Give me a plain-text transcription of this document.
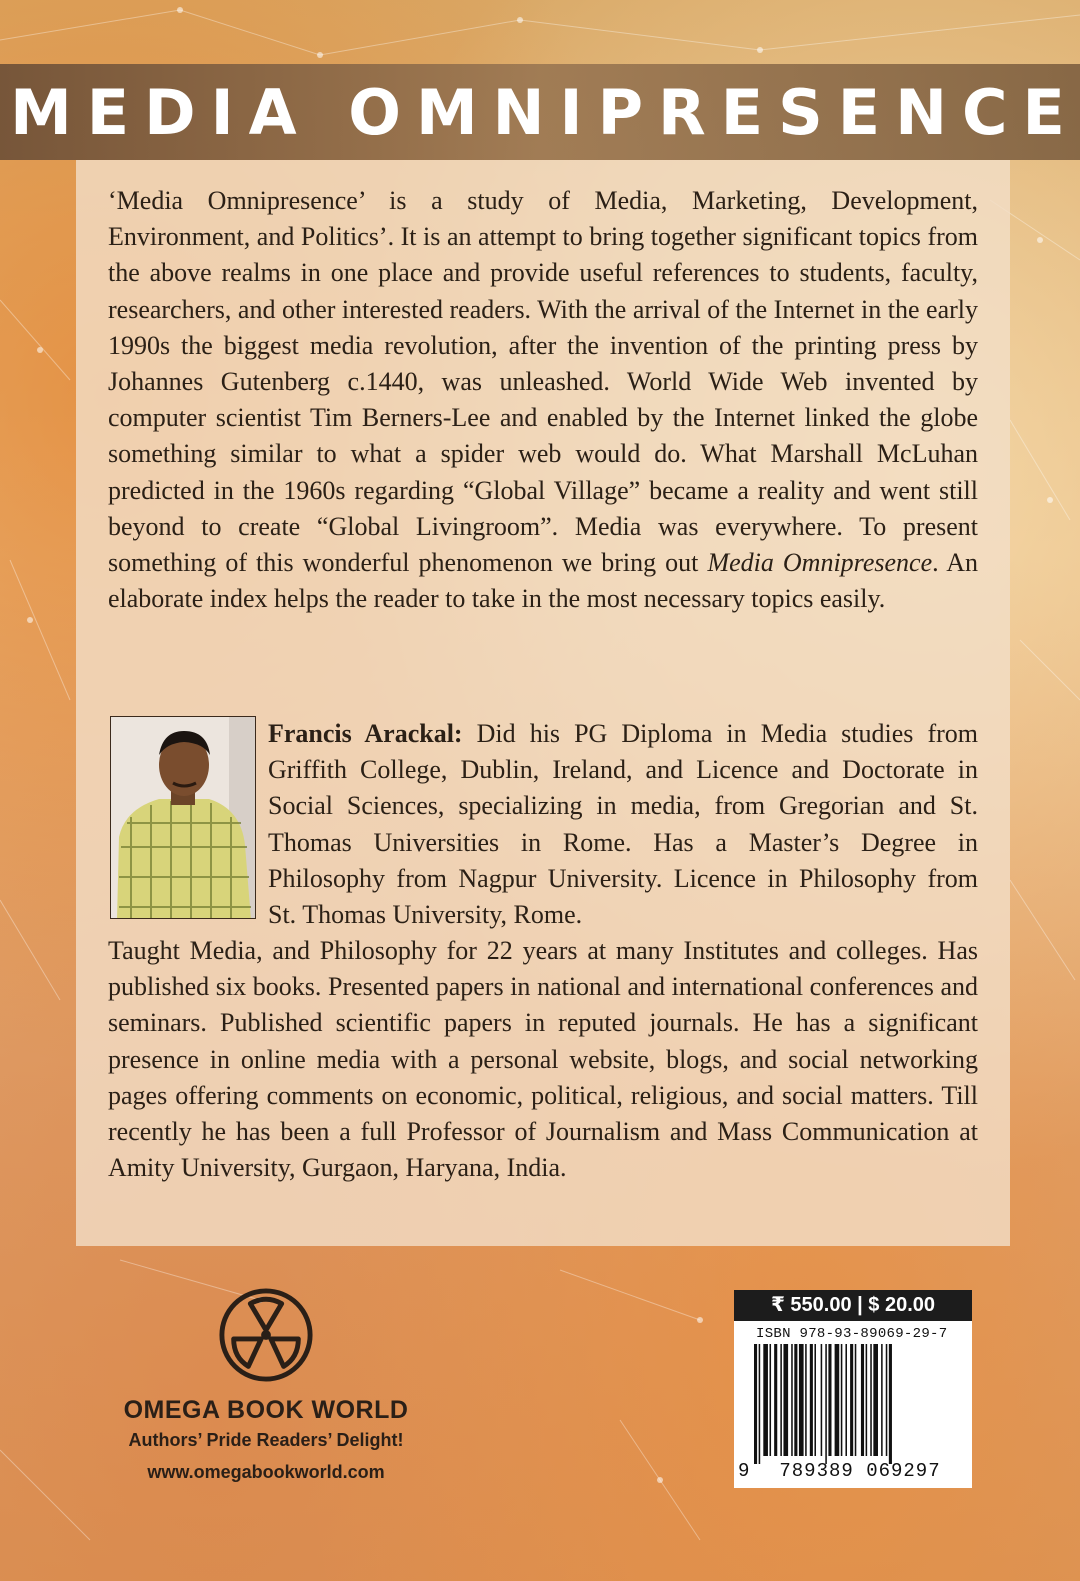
MEDIA OMNIPRESENCE
‘Media Omnipresence’ is a study of Media, Marketing, Development, Environment, and Politics’. It is an attempt to bring together significant topics from the above realms in one place and provide useful references to students, faculty, researchers, and other interested readers. With the arrival of the Internet in the early 1990s the biggest media revolution, after the invention of the printing press by Johannes Gutenberg c.1440, was unleashed. World Wide Web invented by computer scientist Tim Berners-Lee and enabled by the Internet linked the globe something similar to what a spider web would do. What Marshall McLuhan predicted in the 1960s regarding “Global Village” became a reality and went still beyond to create “Global Livingroom”. Media was everywhere. To present something of this wonderful phenomenon we bring out Media Omnipresence. An elaborate index helps the reader to take in the most necessary topics easily.
Francis Arackal: Did his PG Diploma in Media studies from Griffith College, Dublin, Ireland, and Licence and Doctorate in Social Sciences, specializing in media, from Gregorian and St. Thomas Universities in Rome. Has a Master’s Degree in Philosophy from Nagpur University. Licence in Philosophy from St. Thomas University, Rome.
Taught Media, and Philosophy for 22 years at many Institutes and colleges. Has published six books. Presented papers in national and international conferences and seminars. Published scientific papers in reputed journals. He has a significant presence in online media with a personal website, blogs, and social networking pages offering comments on economic, political, religious, and social matters. Till recently he has been a full Professor of Journalism and Mass Communication at Amity University, Gurgaon, Haryana, India.
OMEGA BOOK WORLD
Authors’ Pride Readers’ Delight!
www.omegabookworld.com
₹ 550.00 | $ 20.00
ISBN 978-93-89069-29-7
9	789389 069297
